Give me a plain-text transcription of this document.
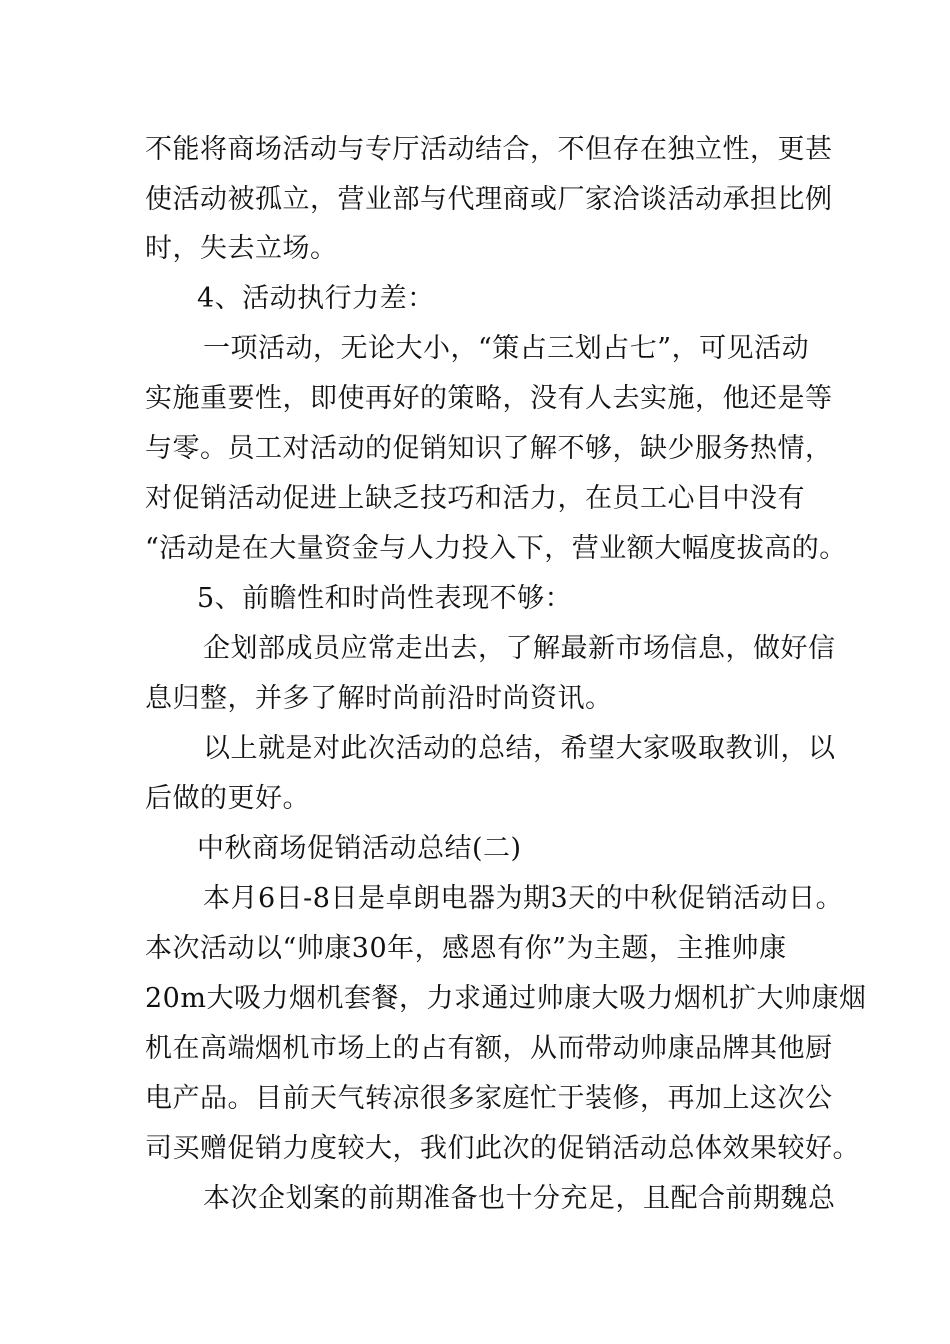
不能将商场活动与专厅活动结合，不但存在独立性，更甚
使活动被孤立，营业部与代理商或厂家洽谈活动承担比例
时，失去立场。
4、活动执行力差：
一项活动，无论大小，“策占三划占七”，可见活动
实施重要性，即使再好的策略，没有人去实施，他还是等
与零。员工对活动的促销知识了解不够，缺少服务热情，
对促销活动促进上缺乏技巧和活力，在员工心目中没有
“活动是在大量资金与人力投入下，营业额大幅度拔高的。
5、前瞻性和时尚性表现不够：
企划部成员应常走出去，了解最新市场信息，做好信
息归整，并多了解时尚前沿时尚资讯。
以上就是对此次活动的总结，希望大家吸取教训，以
后做的更好。
中秋商场促销活动总结(二)
本月6日-8日是卓朗电器为期3天的中秋促销活动日。
本次活动以“帅康30年，感恩有你”为主题，主推帅康
20m大吸力烟机套餐，力求通过帅康大吸力烟机扩大帅康烟
机在高端烟机市场上的占有额，从而带动帅康品牌其他厨
电产品。目前天气转凉很多家庭忙于装修，再加上这次公
司买赠促销力度较大，我们此次的促销活动总体效果较好。
本次企划案的前期准备也十分充足，且配合前期魏总
